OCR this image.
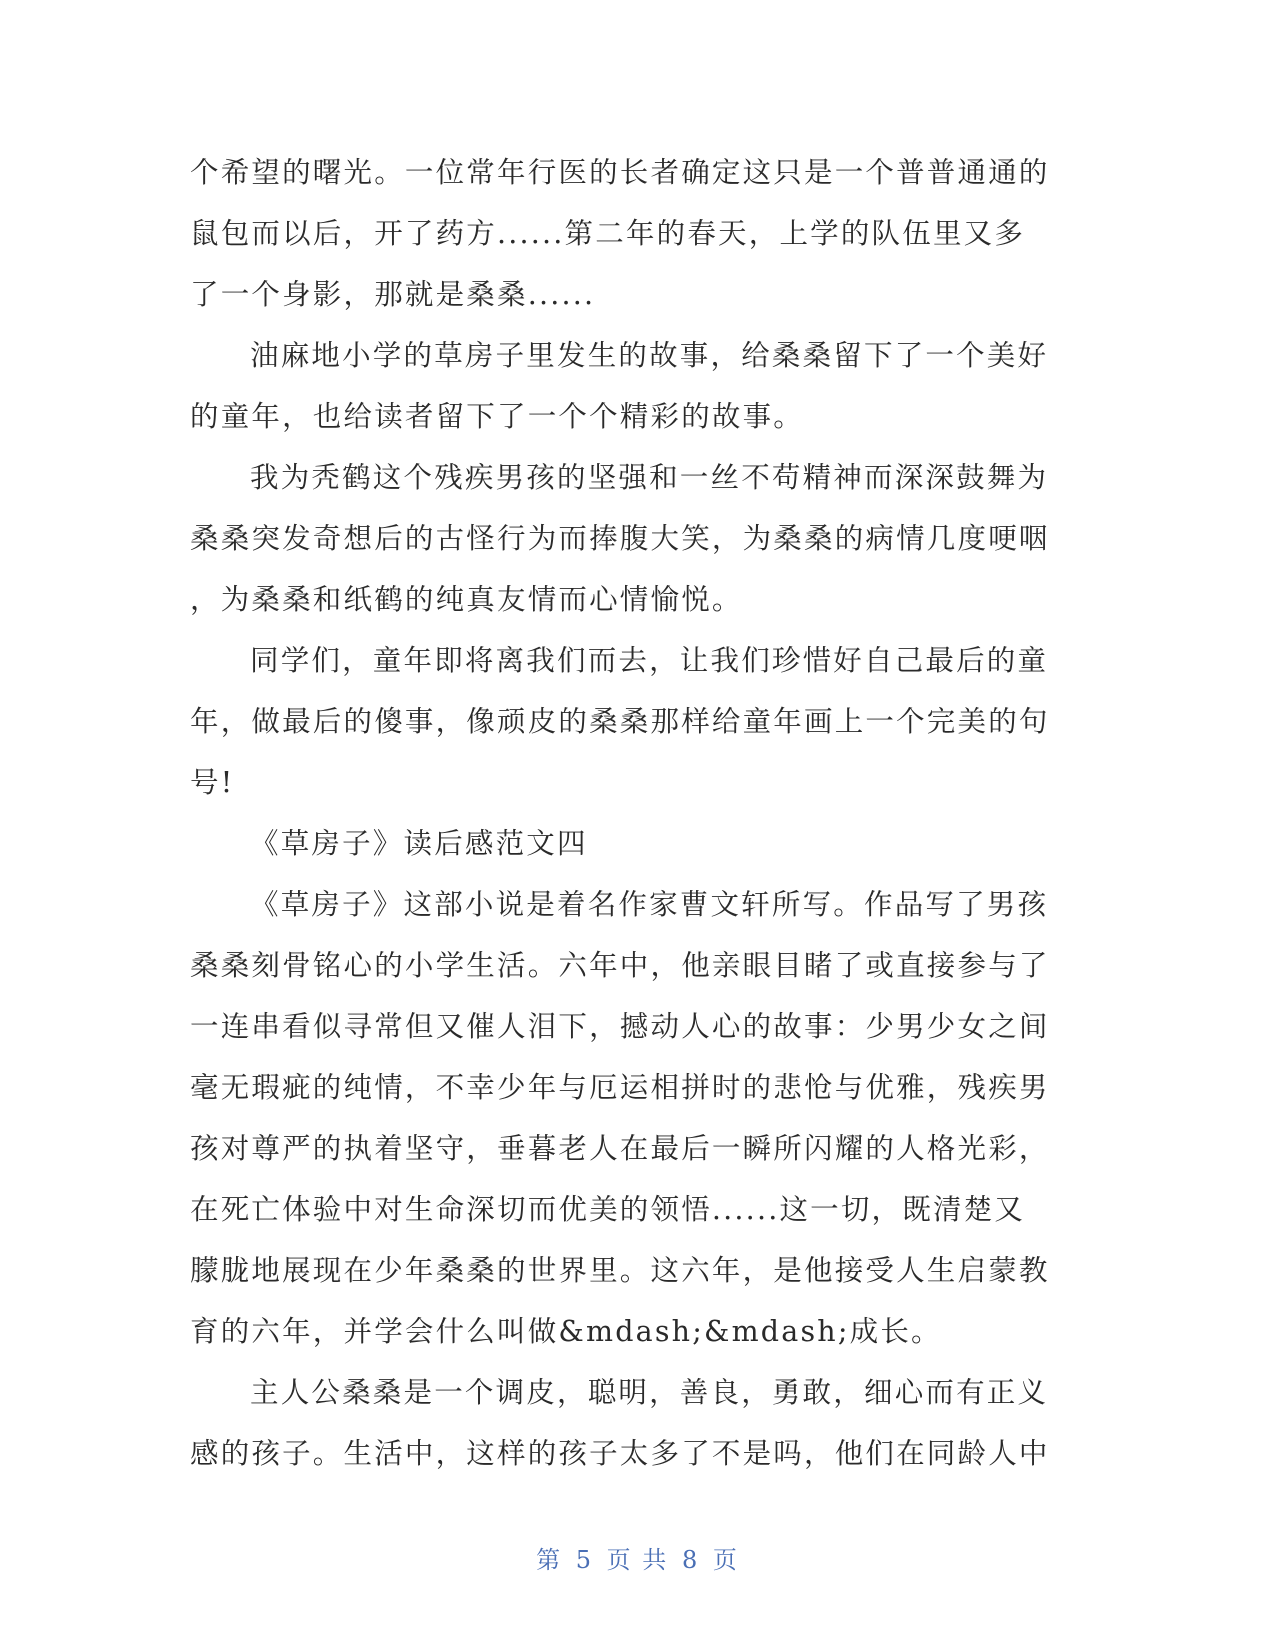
个希望的曙光。一位常年行医的长者确定这只是一个普普通通的
鼠包而以后，开了药方......第二年的春天，上学的队伍里又多
了一个身影，那就是桑桑......
油麻地小学的草房子里发生的故事，给桑桑留下了一个美好
的童年，也给读者留下了一个个精彩的故事。
我为秃鹤这个残疾男孩的坚强和一丝不苟精神而深深鼓舞为
桑桑突发奇想后的古怪行为而捧腹大笑，为桑桑的病情几度哽咽
，为桑桑和纸鹤的纯真友情而心情愉悦。
同学们，童年即将离我们而去，让我们珍惜好自己最后的童
年，做最后的傻事，像顽皮的桑桑那样给童年画上一个完美的句
号!
《草房子》读后感范文四
《草房子》这部小说是着名作家曹文轩所写。作品写了男孩
桑桑刻骨铭心的小学生活。六年中，他亲眼目睹了或直接参与了
一连串看似寻常但又催人泪下，撼动人心的故事：少男少女之间
毫无瑕疵的纯情，不幸少年与厄运相拼时的悲怆与优雅，残疾男
孩对尊严的执着坚守，垂暮老人在最后一瞬所闪耀的人格光彩，
在死亡体验中对生命深切而优美的领悟......这一切，既清楚又
朦胧地展现在少年桑桑的世界里。这六年，是他接受人生启蒙教
育的六年，并学会什么叫做&mdash;&mdash;成长。
主人公桑桑是一个调皮，聪明，善良，勇敢，细心而有正义
感的孩子。生活中，这样的孩子太多了不是吗，他们在同龄人中
第 5 页 共 8 页
